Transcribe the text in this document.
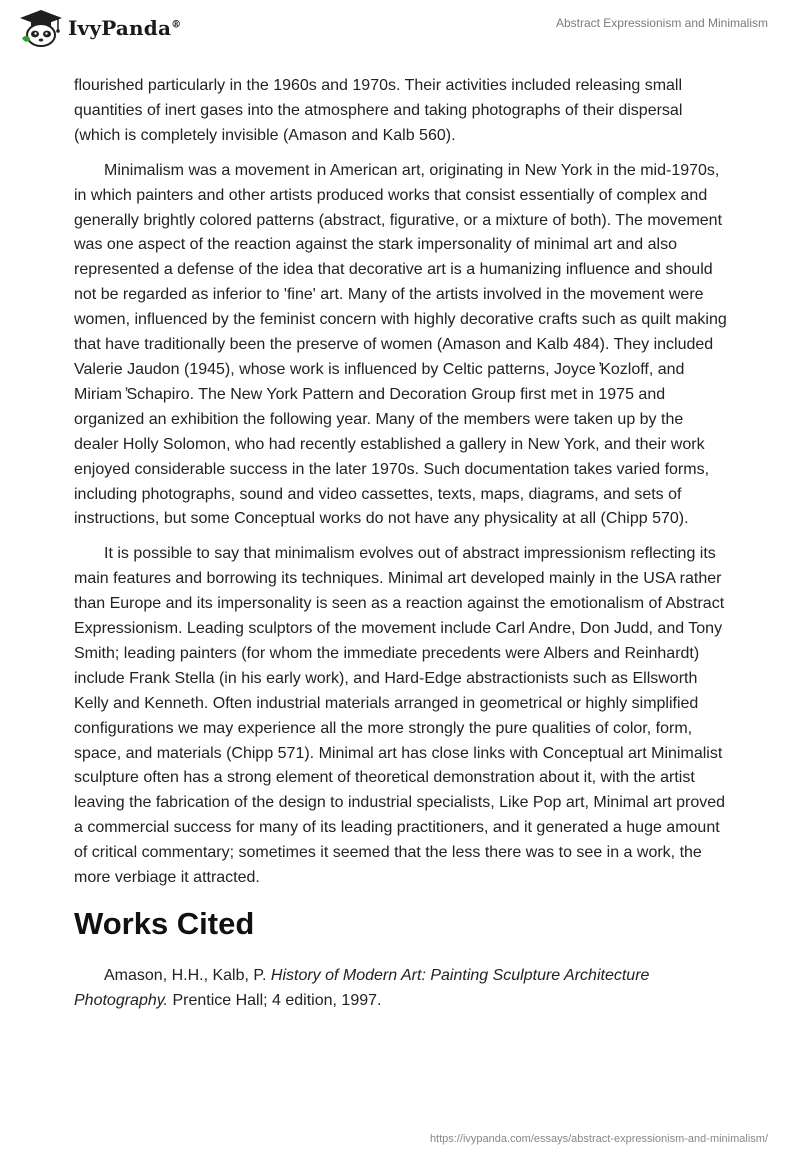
IvyPanda®	Abstract Expressionism and Minimalism

flourished particularly in the 1960s and 1970s. Their activities included releasing small quantities of inert gases into the atmosphere and taking photographs of their dispersal (which is completely invisible (Amason and Kalb 560).

Minimalism was a movement in American art, originating in New York in the mid-1970s, in which painters and other artists produced works that consist essentially of complex and generally brightly colored patterns (abstract, figurative, or a mixture of both). The movement was one aspect of the reaction against the stark impersonality of minimal art and also represented a defense of the idea that decorative art is a humanizing influence and should not be regarded as inferior to 'fine' art. Many of the artists involved in the movement were women, influenced by the feminist concern with highly decorative crafts such as quilt making that have traditionally been the preserve of women (Amason and Kalb 484). They included Valerie Jaudon (1945), whose work is influenced by Celtic patterns, Joyce ̓Kozloff, and Miriam ̓Schapiro. The New York Pattern and Decoration Group first met in 1975 and organized an exhibition the following year. Many of the members were taken up by the dealer Holly Solomon, who had recently established a gallery in New York, and their work enjoyed considerable success in the later 1970s. Such documentation takes varied forms, including photographs, sound and video cassettes, texts, maps, diagrams, and sets of instructions, but some Conceptual works do not have any physicality at all (Chipp 570).

It is possible to say that minimalism evolves out of abstract impressionism reflecting its main features and borrowing its techniques. Minimal art developed mainly in the USA rather than Europe and its impersonality is seen as a reaction against the emotionalism of Abstract Expressionism. Leading sculptors of the movement include Carl Andre, Don Judd, and Tony Smith; leading painters (for whom the immediate precedents were Albers and Reinhardt) include Frank Stella (in his early work), and Hard-Edge abstractionists such as Ellsworth Kelly and Kenneth. Often industrial materials arranged in geometrical or highly simplified configurations we may experience all the more strongly the pure qualities of color, form, space, and materials (Chipp 571). Minimal art has close links with Conceptual art Minimalist sculpture often has a strong element of theoretical demonstration about it, with the artist leaving the fabrication of the design to industrial specialists, Like Pop art, Minimal art proved a commercial success for many of its leading practitioners, and it generated a huge amount of critical commentary; sometimes it seemed that the less there was to see in a work, the more verbiage it attracted.

Works Cited

Amason, H.H., Kalb, P. History of Modern Art: Painting Sculpture Architecture Photography. Prentice Hall; 4 edition, 1997.

https://ivypanda.com/essays/abstract-expressionism-and-minimalism/
